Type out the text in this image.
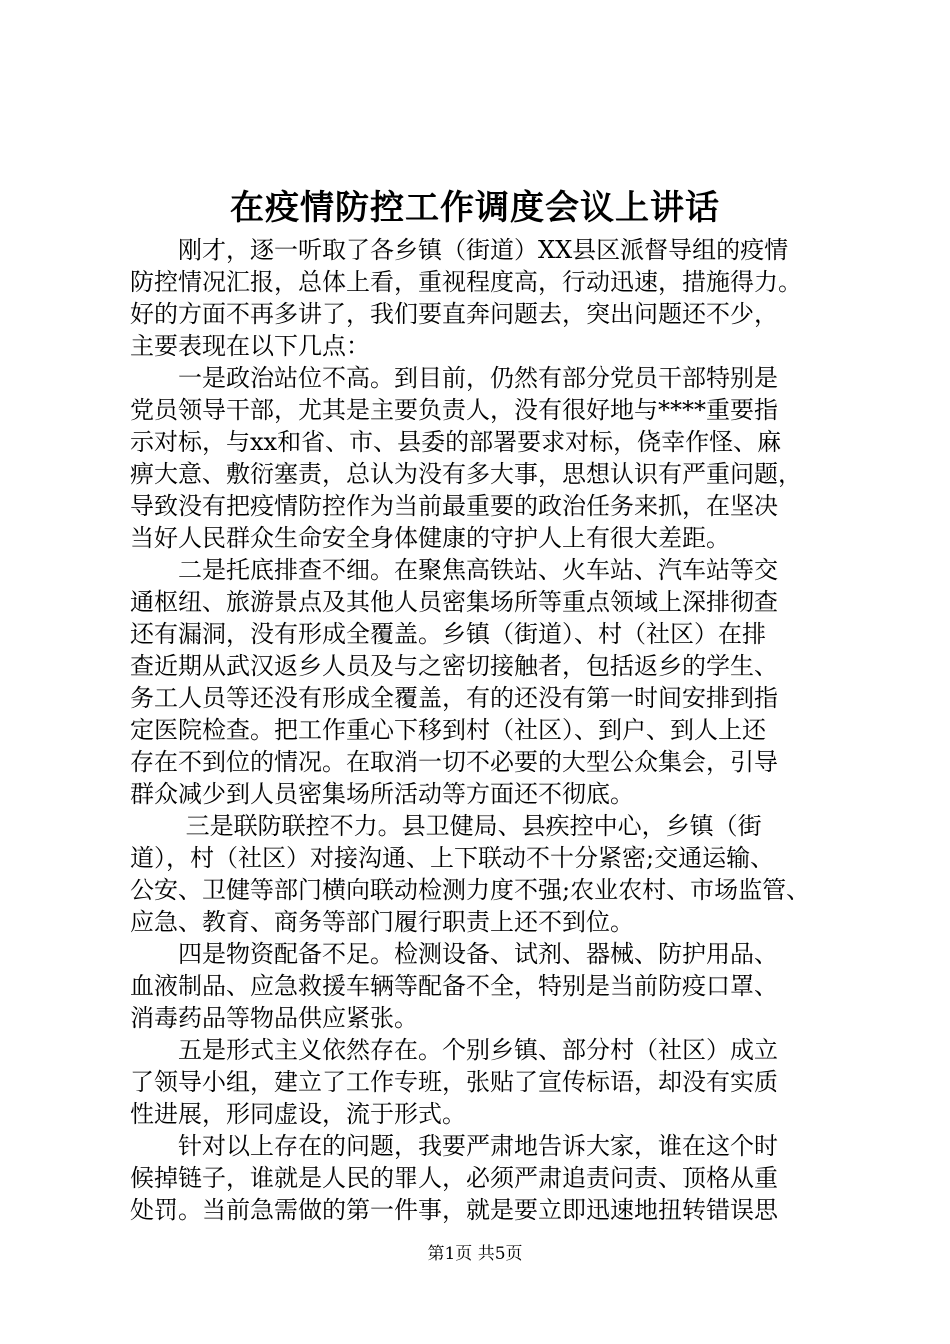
在疫情防控工作调度会议上讲话
　　刚才，逐一听取了各乡镇（街道）XX县区派督导组的疫情
防控情况汇报，总体上看，重视程度高，行动迅速，措施得力。
好的方面不再多讲了，我们要直奔问题去，突出问题还不少，
主要表现在以下几点：
　　一是政治站位不高。到目前，仍然有部分党员干部特别是
党员领导干部，尤其是主要负责人，没有很好地与****重要指
示对标，与xx和省、市、县委的部署要求对标，侥幸作怪、麻
痹大意、敷衍塞责，总认为没有多大事，思想认识有严重问题，
导致没有把疫情防控作为当前最重要的政治任务来抓，在坚决
当好人民群众生命安全身体健康的守护人上有很大差距。
　　二是托底排查不细。在聚焦高铁站、火车站、汽车站等交
通枢纽、旅游景点及其他人员密集场所等重点领域上深排彻查
还有漏洞，没有形成全覆盖。乡镇（街道）、村（社区）在排
查近期从武汉返乡人员及与之密切接触者，包括返乡的学生、
务工人员等还没有形成全覆盖，有的还没有第一时间安排到指
定医院检查。把工作重心下移到村（社区）、到户、到人上还
存在不到位的情况。在取消一切不必要的大型公众集会，引导
群众减少到人员密集场所活动等方面还不彻底。
　　 三是联防联控不力。县卫健局、县疾控中心，乡镇（街
道），村（社区）对接沟通、上下联动不十分紧密;交通运输、
公安、卫健等部门横向联动检测力度不强;农业农村、市场监管、
应急、教育、商务等部门履行职责上还不到位。
　　四是物资配备不足。检测设备、试剂、器械、防护用品、
血液制品、应急救援车辆等配备不全，特别是当前防疫口罩、
消毒药品等物品供应紧张。
　　五是形式主义依然存在。个别乡镇、部分村（社区）成立
了领导小组，建立了工作专班，张贴了宣传标语，却没有实质
性进展，形同虚设，流于形式。
　　针对以上存在的问题，我要严肃地告诉大家，谁在这个时
候掉链子，谁就是人民的罪人，必须严肃追责问责、顶格从重
处罚。当前急需做的第一件事，就是要立即迅速地扭转错误思
第1页 共5页
